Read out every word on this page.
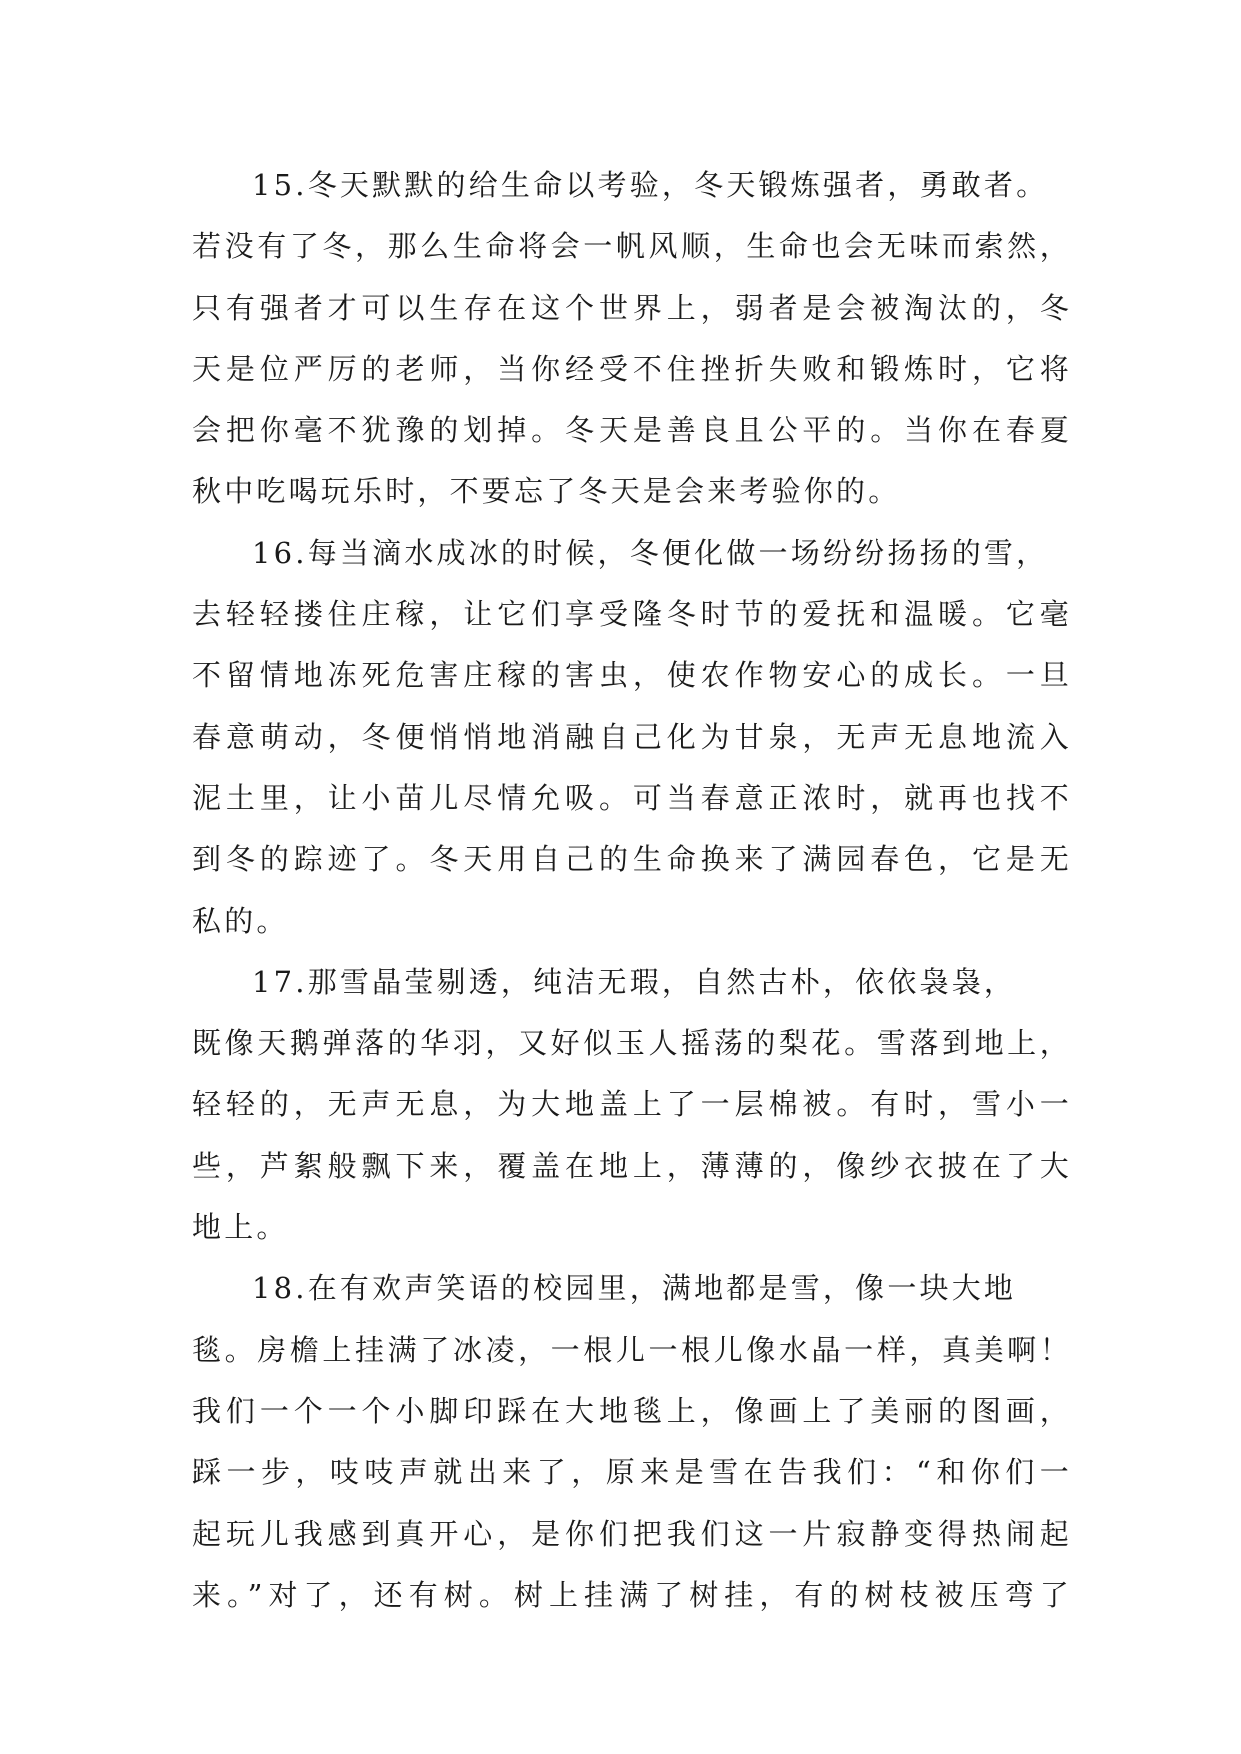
15.冬天默默的给生命以考验，冬天锻炼强者，勇敢者。
若没有了冬，那么生命将会一帆风顺，生命也会无味而索然，
只有强者才可以生存在这个世界上，弱者是会被淘汰的，冬
天是位严厉的老师，当你经受不住挫折失败和锻炼时，它将
会把你毫不犹豫的划掉。冬天是善良且公平的。当你在春夏
秋中吃喝玩乐时，不要忘了冬天是会来考验你的。
16.每当滴水成冰的时候，冬便化做一场纷纷扬扬的雪，
去轻轻搂住庄稼，让它们享受隆冬时节的爱抚和温暖。它毫
不留情地冻死危害庄稼的害虫，使农作物安心的成长。一旦
春意萌动，冬便悄悄地消融自己化为甘泉，无声无息地流入
泥土里，让小苗儿尽情允吸。可当春意正浓时，就再也找不
到冬的踪迹了。冬天用自己的生命换来了满园春色，它是无
私的。
17.那雪晶莹剔透，纯洁无瑕，自然古朴，依依袅袅，
既像天鹅弹落的华羽，又好似玉人摇荡的梨花。雪落到地上，
轻轻的，无声无息，为大地盖上了一层棉被。有时，雪小一
些，芦絮般飘下来，覆盖在地上，薄薄的，像纱衣披在了大
地上。
18.在有欢声笑语的校园里，满地都是雪，像一块大地
毯。房檐上挂满了冰凌，一根儿一根儿像水晶一样，真美啊！
我们一个一个小脚印踩在大地毯上，像画上了美丽的图画，
踩一步，吱吱声就出来了，原来是雪在告我们：“和你们一
起玩儿我感到真开心，是你们把我们这一片寂静变得热闹起
来。”对了，还有树。树上挂满了树挂，有的树枝被压弯了
